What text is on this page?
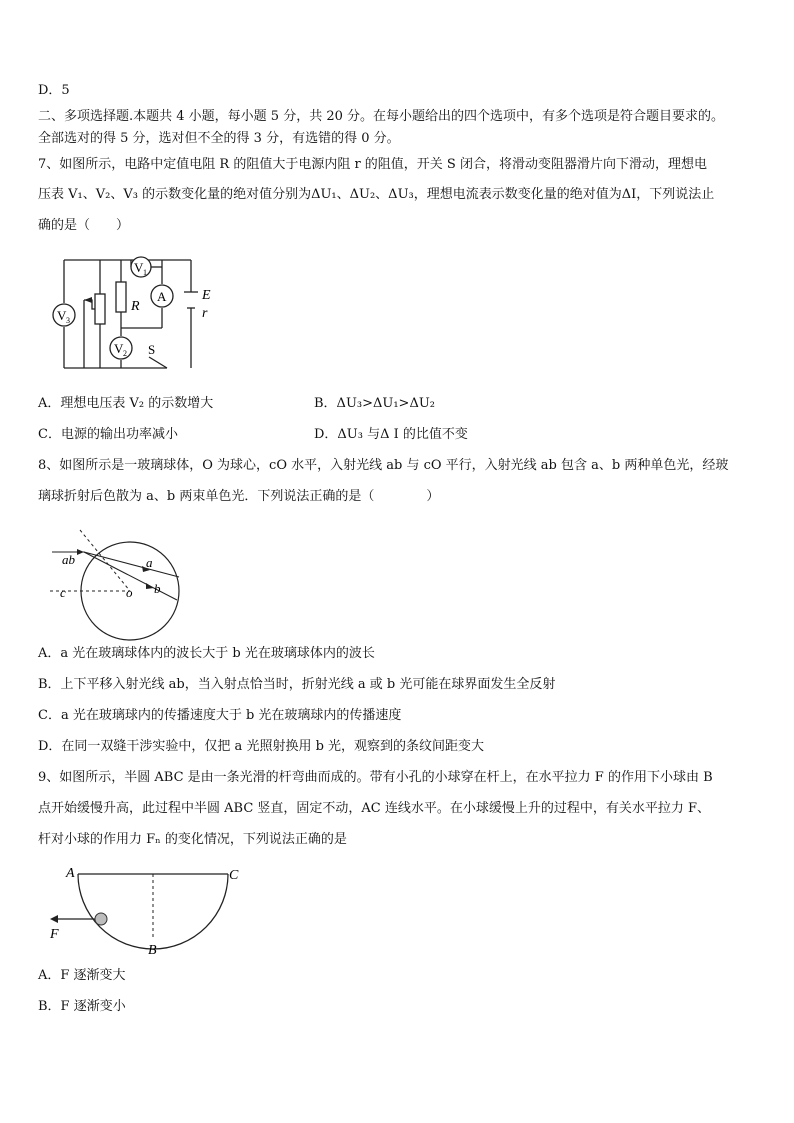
D．5
二、多项选择题.本题共 4 小题，每小题 5 分，共 20 分。在每小题给出的四个选项中，有多个选项是符合题目要求的。
全部选对的得 5 分，选对但不全的得 3 分，有选错的得 0 分。
7、如图所示，电路中定值电阻 R 的阻值大于电源内阻 r 的阻值，开关 S 闭合，将滑动变阻器滑片向下滑动，理想电
压表 V₁、V₂、V₃ 的示数变化量的绝对值分别为ΔU₁、ΔU₂、ΔU₃，理想电流表示数变化量的绝对值为ΔI，下列说法止
确的是（　　）
V 3
V 1
A
V 2
R
E
r
S
A．理想电压表 V₂ 的示数增大	B．ΔU₃>ΔU₁>ΔU₂
C．电源的输出功率减小	D．ΔU₃ 与Δ I 的比值不变
8、如图所示是一玻璃球体，O 为球心，cO 水平，入射光线 ab 与 cO 平行，入射光线 ab 包含 a、b 两种单色光，经玻
璃球折射后色散为 a、b 两束单色光．下列说法正确的是（　　　　）
ab	a
b
c	o
A．a 光在玻璃球体内的波长大于 b 光在玻璃球体内的波长
B．上下平移入射光线 ab，当入射点恰当时，折射光线 a 或 b 光可能在球界面发生全反射
C．a 光在玻璃球内的传播速度大于 b 光在玻璃球内的传播速度
D．在同一双缝干涉实验中，仅把 a 光照射换用 b 光，观察到的条纹间距变大
9、如图所示，半圆 ABC 是由一条光滑的杆弯曲而成的。带有小孔的小球穿在杆上，在水平拉力 F 的作用下小球由 B
点开始缓慢升高，此过程中半圆 ABC 竖直，固定不动，AC 连线水平。在小球缓慢上升的过程中，有关水平拉力 F、
杆对小球的作用力 Fₙ 的变化情况，下列说法正确的是
A	C
B
F
A．F 逐渐变大
B．F 逐渐变小
